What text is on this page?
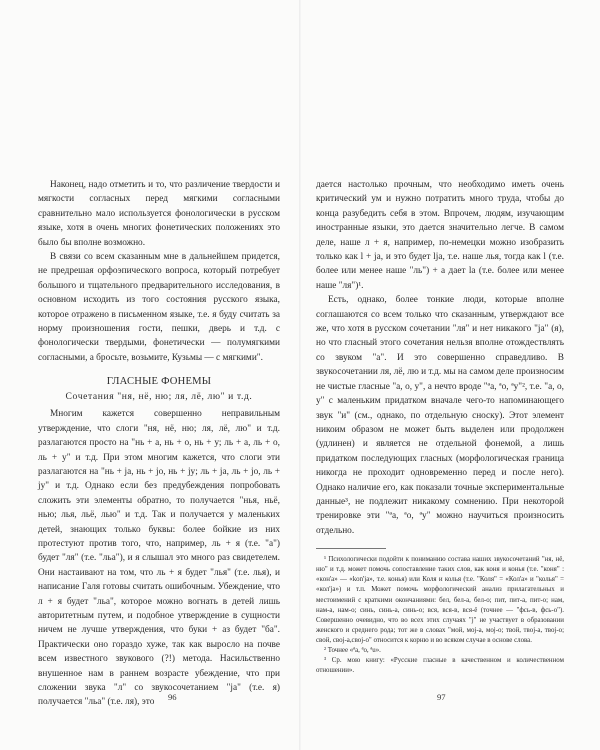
Наконец, надо отметить и то, что различение твердости и мягкости согласных перед мягкими согласными сравнительно мало используется фонологически в русском языке, хотя в очень многих фонетических положениях это было бы вполне возможно.

В связи со всем сказанным мне в дальнейшем придется, не предрешая орфоэпического вопроса, который потребует большого и тщательного предварительного исследования, в основном исходить из того состояния русского языка, которое отражено в письменном языке, т.е. я буду считать за норму произношения гости, пешки, дверь и т.д. с фонологически твердыми, фонетически — полумягкими согласными, а бросьте, возьмите, Кузьмы — с мягкими".

ГЛАСНЫЕ ФОНЕМЫ
Сочетания "ня, нё, ню; ля, лё, лю" и т.д.

Многим кажется совершенно неправильным утверждение, что слоги "ня, нё, ню; ля, лё, лю" и т.д. разлагаются просто на "нь + а, нь + о, нь + у; ль + а, ль + о, ль + у" и т.д. При этом многим кажется, что слоги эти разлагаются на "нь + ja, нь + jo, нь + jy; ль + ja, ль + jo, ль + jy" и т.д. Однако если без предубеждения попробовать сложить эти элементы обратно, то получается "нья, ньё, нью; лья, льё, лью" и т.д. Так и получается у маленьких детей, знающих только буквы: более бойкие из них протестуют против того, что, например, ль + я (т.е. "а") будет "ля" (т.е. "льа"), и я слышал это много раз свидетелем. Они настаивают на том, что ль + я будет "лья" (т.е. лья), и написание Галя готовы считать ошибочным. Убеждение, что л + я будет "льа", которое можно вогнать в детей лишь авторитетным путем, и подобное утверждение в сущности ничем не лучше утверждения, что буки + аз будет "ба". Практически оно гораздо хуже, так как выросло на почве всем известного звукового (?!) метода. Насильственно внушенное нам в раннем возрасте убеждение, что при сложении звука "л" со звукосочетанием "ja" (т.е. я) получается "льа" (т.е. ля), это

96

дается настолько прочным, что необходимо иметь очень критический ум и нужно потратить много труда, чтобы до конца разубедить себя в этом. Впрочем, людям, изучающим иностранные языки, это дается значительно легче. В самом деле, наше л + я, например, по-немецки можно изобразить только как l + ja, и это будет lja, т.е. наше лья, тогда как l (т.е. более или менее наше "ль") + a дает la (т.е. более или менее наше "ля")¹.

Есть, однако, более тонкие люди, которые вполне соглашаются со всем только что сказанным, утверждают все же, что хотя в русском сочетании "ля" и нет никакого "ja" (я), но что гласный этого сочетания нельзя вполне отождествлять со звуком "а". И это совершенно справедливо. В звукосочетании ля, лё, лю и т.д. мы на самом деле произносим не чистые гласные "а, о, у", а нечто вроде "ªа, ªо, ªу"², т.е. "а, о, у" с маленьким придатком вначале чего-то напоминающего звук "и" (см., однако, по отдельную сноску). Этот элемент никоим образом не может быть выделен или продолжен (удлинен) и является не отдельной фонемой, а лишь придатком последующих гласных (морфологическая граница никогда не проходит одновременно перед и после него). Однако наличие его, как показали точные экспериментальные данные³, не подлежит никакому сомнению. При некоторой тренировке эти "ªа, ªо, ªу" можно научиться произносить отдельно.

¹ Психологически подойти к пониманию состава наших звукосочетаний "ня, нё, ню" и т.д. может помочь сопоставление таких слов, как коня и конья (т.е. "коня" : «кoн'a» — «kon'ja», т.е. конья) или Коля и колья (т.е. "Коля" = «Кол'a» и "колья" = «кол'ja») и т.п. Может помочь морфологический анализ прилагательных и местоимений с краткими окончаниями: бел, бел-а, бел-о; пит, пит-а, пит-о; нам, нам-а, нам-о; синь, синь-а, синь-о; вся, вся-в, вся-ё (точнее — "фсь-в, фсь-о"). Совершенно очевидно, что во всех этих случаях "j" не участвует в образовании женского и среднего рода; тот же в словах "мой, мoj-а, моj-о; твой, твој-а, твој-о; свой, своj-а,своj-о" относится к корню и во всяком случае в основе слова.

² Точнее «ªа, ªо, ªu».

³ Ср. мою книгу: «Русские гласные в качественном и количественном отношении».

97
